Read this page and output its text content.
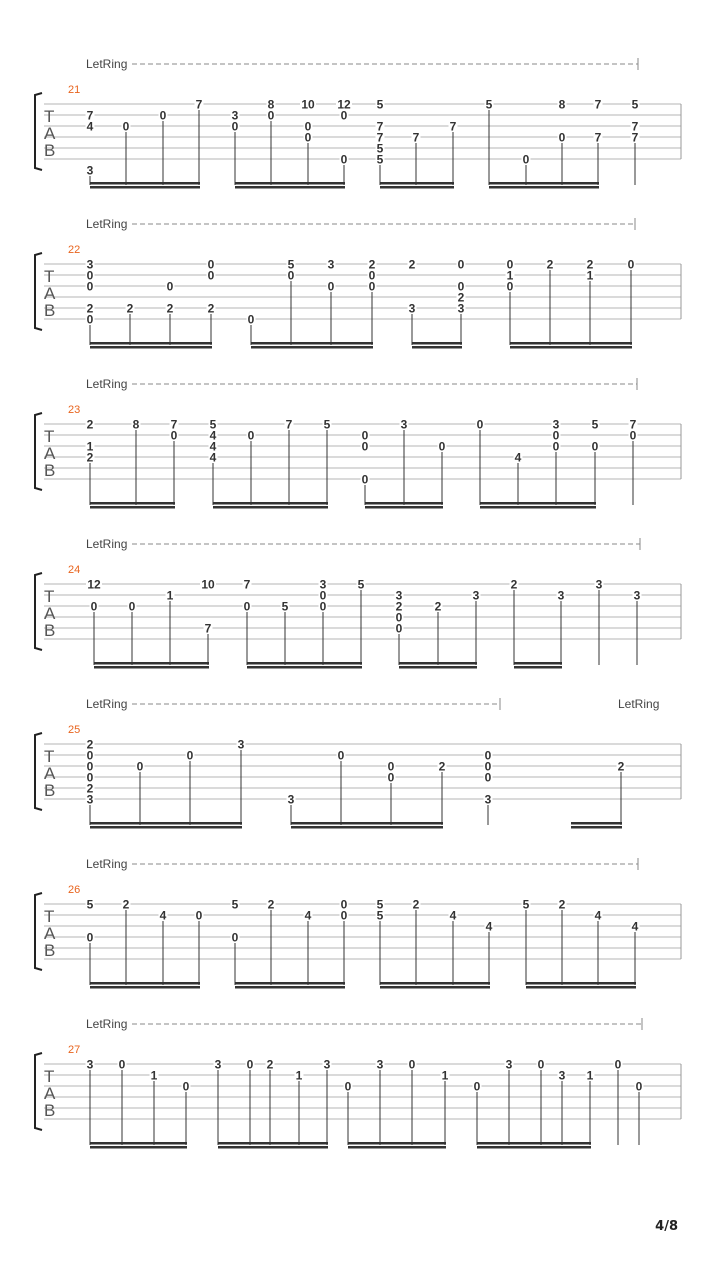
LetRing
21
T
A
B
7
4
3
0
0
7
3
0
8
0
10
0
0
12
0
0
5
7
7
5
5
7
7
5
0
8
0
7
7
5
7
7
LetRing
22
T
A
B
3
0
0
2
0
2
0
2
0
0
2
0
5
0
3
0
2
0
0
2
3
0
0
2
3
0
1
0
2	2
1
0
LetRing
23
T
A
B
2
1
2
8	7
0
5
4
4
4
0
7	5
0
0
0
3
0
0
4
3
0
0
5
0
7
0
LetRing
24
T
A
B
12
0	0
1
10
7
7
0	5
3
0
0
5
3
2
0
0
2
3
2
3
3
3
LetRing	LetRing
25
T
A
B
2
0
0
0
2
3
0
0
3
3
0
0
0
2
0
0
0
3
2
LetRing
26
T
A
B
5
0
2
4 0
5
0
2
4
0
0
5
5
2
4
4
5 2
4
4
LetRing
27
T
A
B
3 0
1
0
3 0 2
1
3
0
3 0
1
0
3 0
3 1
0
0
4/8
